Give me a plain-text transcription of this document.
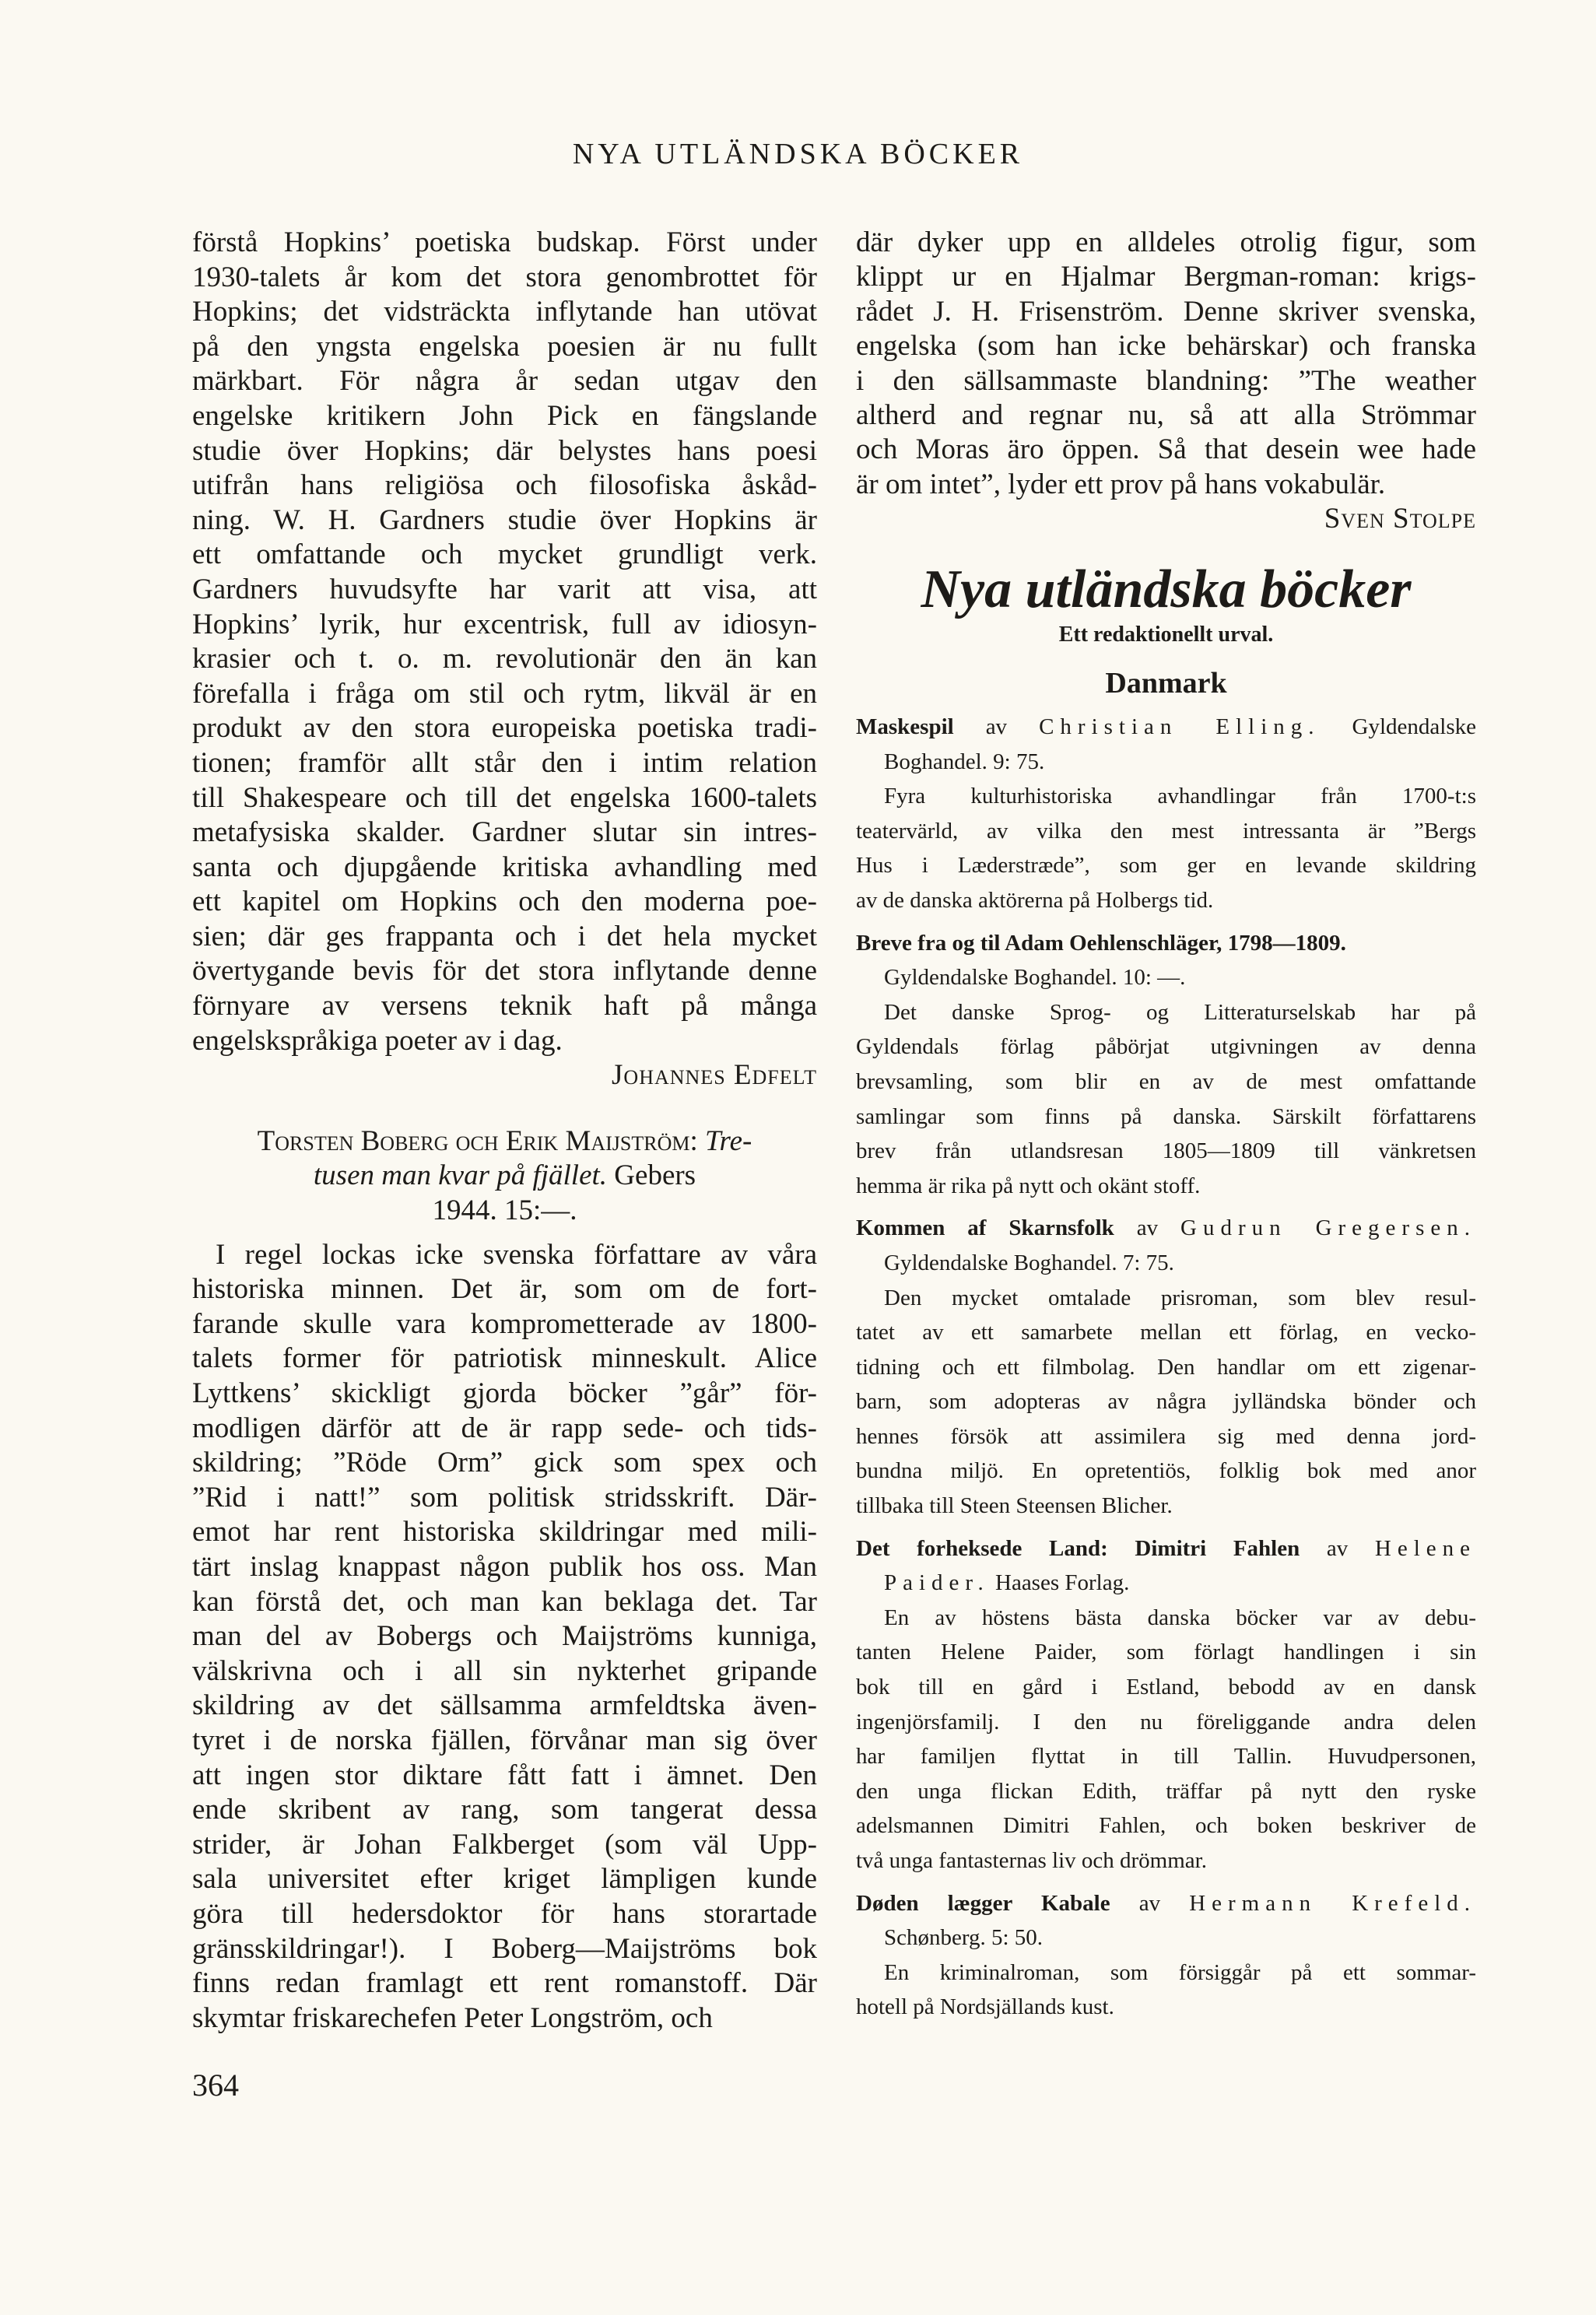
NYA UTLÄNDSKA BÖCKER
förstå Hopkins’ poetiska budskap. Först under
1930-talets år kom det stora genombrottet för
Hopkins; det vidsträckta inflytande han utövat
på den yngsta engelska poesien är nu fullt
märkbart. För några år sedan utgav den
engelske kritikern John Pick en fängslande
studie över Hopkins; där belystes hans poesi
utifrån hans religiösa och filosofiska åskåd-
ning. W. H. Gardners studie över Hopkins är
ett omfattande och mycket grundligt verk.
Gardners huvudsyfte har varit att visa, att
Hopkins’ lyrik, hur excentrisk, full av idiosyn-
krasier och t. o. m. revolutionär den än kan
förefalla i fråga om stil och rytm, likväl är en
produkt av den stora europeiska poetiska tradi-
tionen; framför allt står den i intim relation
till Shakespeare och till det engelska 1600-talets
metafysiska skalder. Gardner slutar sin intres-
santa och djupgående kritiska avhandling med
ett kapitel om Hopkins och den moderna poe-
sien; där ges frappanta och i det hela mycket
övertygande bevis för det stora inflytande denne
förnyare av versens teknik haft på många
engelskspråkiga poeter av i dag.
Johannes Edfelt
Torsten Boberg och Erik Maijström: Tre-
tusen man kvar på fjället. Gebers
1944. 15:—.
I regel lockas icke svenska författare av våra
historiska minnen. Det är, som om de fort-
farande skulle vara komprometterade av 1800-
talets former för patriotisk minneskult. Alice
Lyttkens’ skickligt gjorda böcker ”går” för-
modligen därför att de är rapp sede- och tids-
skildring; ”Röde Orm” gick som spex och
”Rid i natt!” som politisk stridsskrift. Där-
emot har rent historiska skildringar med mili-
tärt inslag knappast någon publik hos oss. Man
kan förstå det, och man kan beklaga det. Tar
man del av Bobergs och Maijströms kunniga,
välskrivna och i all sin nykterhet gripande
skildring av det sällsamma armfeldtska även-
tyret i de norska fjällen, förvånar man sig över
att ingen stor diktare fått fatt i ämnet. Den
ende skribent av rang, som tangerat dessa
strider, är Johan Falkberget (som väl Upp-
sala universitet efter kriget lämpligen kunde
göra till hedersdoktor för hans storartade
gränsskildringar!). I Boberg—Maijströms bok
finns redan framlagt ett rent romanstoff. Där
skymtar friskarechefen Peter Longström, och
364
där dyker upp en alldeles otrolig figur, som
klippt ur en Hjalmar Bergman-roman: krigs-
rådet J. H. Frisenström. Denne skriver svenska,
engelska (som han icke behärskar) och franska
i den sällsammaste blandning: ”The weather
altherd and regnar nu, så att alla Strömmar
och Moras äro öppen. Så that desein wee hade
är om intet”, lyder ett prov på hans vokabulär.
Sven Stolpe
Nya utländska böcker
Ett redaktionellt urval.
Danmark
Maskespil av Christian Elling. Gyldendalske
Boghandel. 9: 75.
Fyra kulturhistoriska avhandlingar från 1700-t:s
teatervärld, av vilka den mest intressanta är ”Bergs
Hus i Læderstræde”, som ger en levande skildring
av de danska aktörerna på Holbergs tid.
Breve fra og til Adam Oehlenschläger, 1798—1809.
Gyldendalske Boghandel. 10: —.
Det danske Sprog- og Litteraturselskab har på
Gyldendals förlag påbörjat utgivningen av denna
brevsamling, som blir en av de mest omfattande
samlingar som finns på danska. Särskilt författarens
brev från utlandsresan 1805—1809 till vänkretsen
hemma är rika på nytt och okänt stoff.
Kommen af Skarnsfolk av Gudrun Gregersen.
Gyldendalske Boghandel. 7: 75.
Den mycket omtalade prisroman, som blev resul-
tatet av ett samarbete mellan ett förlag, en vecko-
tidning och ett filmbolag. Den handlar om ett zigenar-
barn, som adopteras av några jylländska bönder och
hennes försök att assimilera sig med denna jord-
bundna miljö. En opretentiös, folklig bok med anor
tillbaka till Steen Steensen Blicher.
Det forheksede Land: Dimitri Fahlen av Helene
Paider. Haases Forlag.
En av höstens bästa danska böcker var av debu-
tanten Helene Paider, som förlagt handlingen i sin
bok till en gård i Estland, bebodd av en dansk
ingenjörsfamilj. I den nu föreliggande andra delen
har familjen flyttat in till Tallin. Huvudpersonen,
den unga flickan Edith, träffar på nytt den ryske
adelsmannen Dimitri Fahlen, och boken beskriver de
två unga fantasternas liv och drömmar.
Døden lægger Kabale av Hermann Krefeld.
Schønberg. 5: 50.
En kriminalroman, som försiggår på ett sommar-
hotell på Nordsjällands kust.
